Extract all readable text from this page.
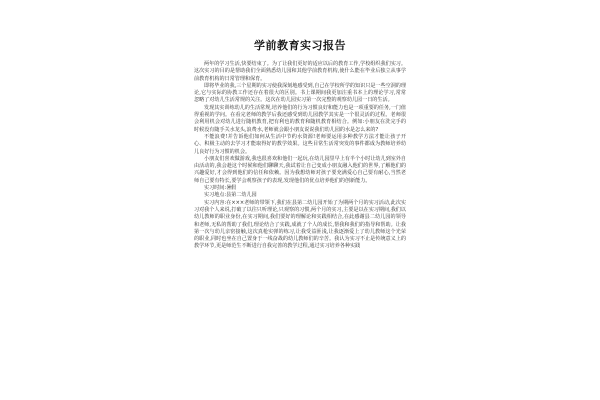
学前教育实习报告

两年的学习生活,快要结束了。为了让我们更好的适应以后的教育工作,学校组织我们实习。这次实习的目的是帮助我们全面熟悉幼儿园和其他学前教育机构,使什么能在毕业后独立从事学前教育机构的日常管理和保育。

即将毕业的我,三个星期的实习使我深刻地感受到,自己在学校所学的知识只是一些空洞的理论,它与实际的协教工作还存在着很大的区别。书上课期间我更加注重书本上的理论学习,常常忽略了对幼儿生活常规的关注。这次在幼儿园实习第一次完整的观察幼儿园一日的生活。

发现其实训练幼儿的生活常规,培养他们的行为习惯良好和能力也是一项重要的任务,一门值得重视的学问。在看完老师的教学后我还感受到幼儿园教学其实是一个很灵活的过程。老师很会利用机会对幼儿进行随机教育,把有利也的教育和随机教育相结合。例如:小朋友在洗完手的时候没有随手关水龙头,浪费水,老师就会跟小朋友说说我们幼儿园的水是怎么来的?

不能浪费!并告诉他们如何从生活中节约水资源!老师要运用多种教学方法才能让孩子开心、积极主动的去学习才能取得好的教学效果。这些目常生活常突发的事件都成为教师培养幼儿良好行为习惯的机会。

小朋友们喜欢做游戏,我也很喜欢和他们一起玩,在幼儿园里早上有半个小时让幼儿到室外自由活动的,我会趁这个时候和他们聊聊天,我试着让自己变成小朋友融入他们的世界,了解他们的兴趣爱好,才会得到他们的信任和依赖。因为我想幼师对孩子要充满爱心自己要有耐心,当然老师自己要有特长,要学会观察孩子的表现,发现他们的优点培养他们的创新能力。

实习时间:暑假

实习地点:县第二幼儿园

实习内容:在×××老师的带领下,我们在县第二幼儿园开始了为期两个月的实习活动,此次实习对我个人来说,打破了以往只听理论,只观察的习惯,两个月的实习,主要是以在实习期间,我们以幼儿教师的职业身份,在实习期间,我们要好的理解论和实践相结合,在此感谢县二幼儿园的领导和老师,无私的帮助了我们,理论结合了实践,成就了个人的成长,帮我和我们的指导和帮助。让我第一次与幼儿亲密接触,这次真枪实弹的练习,让我受益匪浅,让我逐渐爱上了幼儿教师这个光荣的职业,同时也坐在自己置身于一线奋战的幼儿教师们的辛苦。我认为实习不止是传统意义上的教学环节,更是师范生不断进行自我完善的教学过程,通过实习培养各种实践
